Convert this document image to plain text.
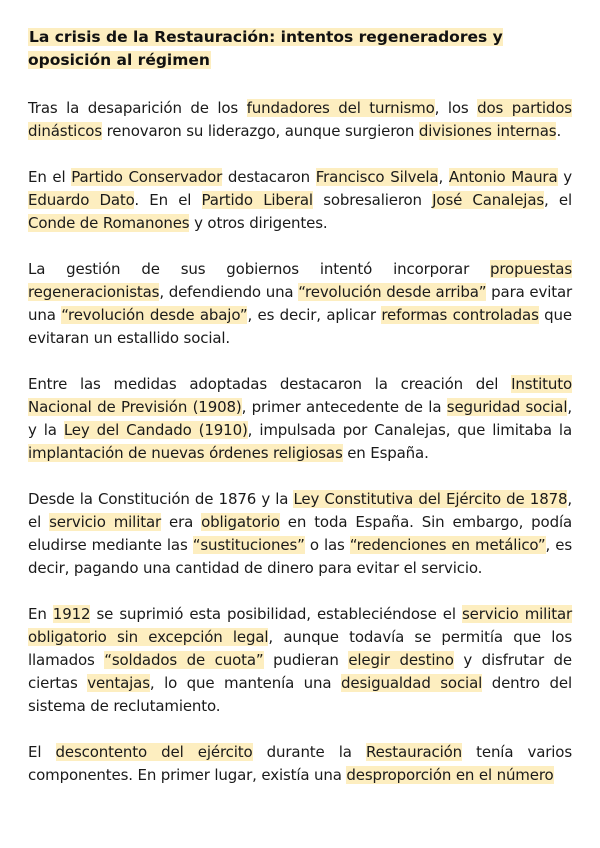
La crisis de la Restauración: intentos regeneradores y oposición al régimen

Tras la desaparición de los fundadores del turnismo, los dos partidos dinásticos renovaron su liderazgo, aunque surgieron divisiones internas.

En el Partido Conservador destacaron Francisco Silvela, Antonio Maura y Eduardo Dato. En el Partido Liberal sobresalieron José Canalejas, el Conde de Romanones y otros dirigentes.

La gestión de sus gobiernos intentó incorporar propuestas regeneracionistas, defendiendo una “revolución desde arriba” para evitar una “revolución desde abajo”, es decir, aplicar reformas controladas que evitaran un estallido social.

Entre las medidas adoptadas destacaron la creación del Instituto Nacional de Previsión (1908), primer antecedente de la seguridad social, y la Ley del Candado (1910), impulsada por Canalejas, que limitaba la implantación de nuevas órdenes religiosas en España.

Desde la Constitución de 1876 y la Ley Constitutiva del Ejército de 1878, el servicio militar era obligatorio en toda España. Sin embargo, podía eludirse mediante las “sustituciones” o las “redenciones en metálico”, es decir, pagando una cantidad de dinero para evitar el servicio.

En 1912 se suprimió esta posibilidad, estableciéndose el servicio militar obligatorio sin excepción legal, aunque todavía se permitía que los llamados “soldados de cuota” pudieran elegir destino y disfrutar de ciertas ventajas, lo que mantenía una desigualdad social dentro del sistema de reclutamiento.

El descontento del ejército durante la Restauración tenía varios componentes. En primer lugar, existía una desproporción en el número
